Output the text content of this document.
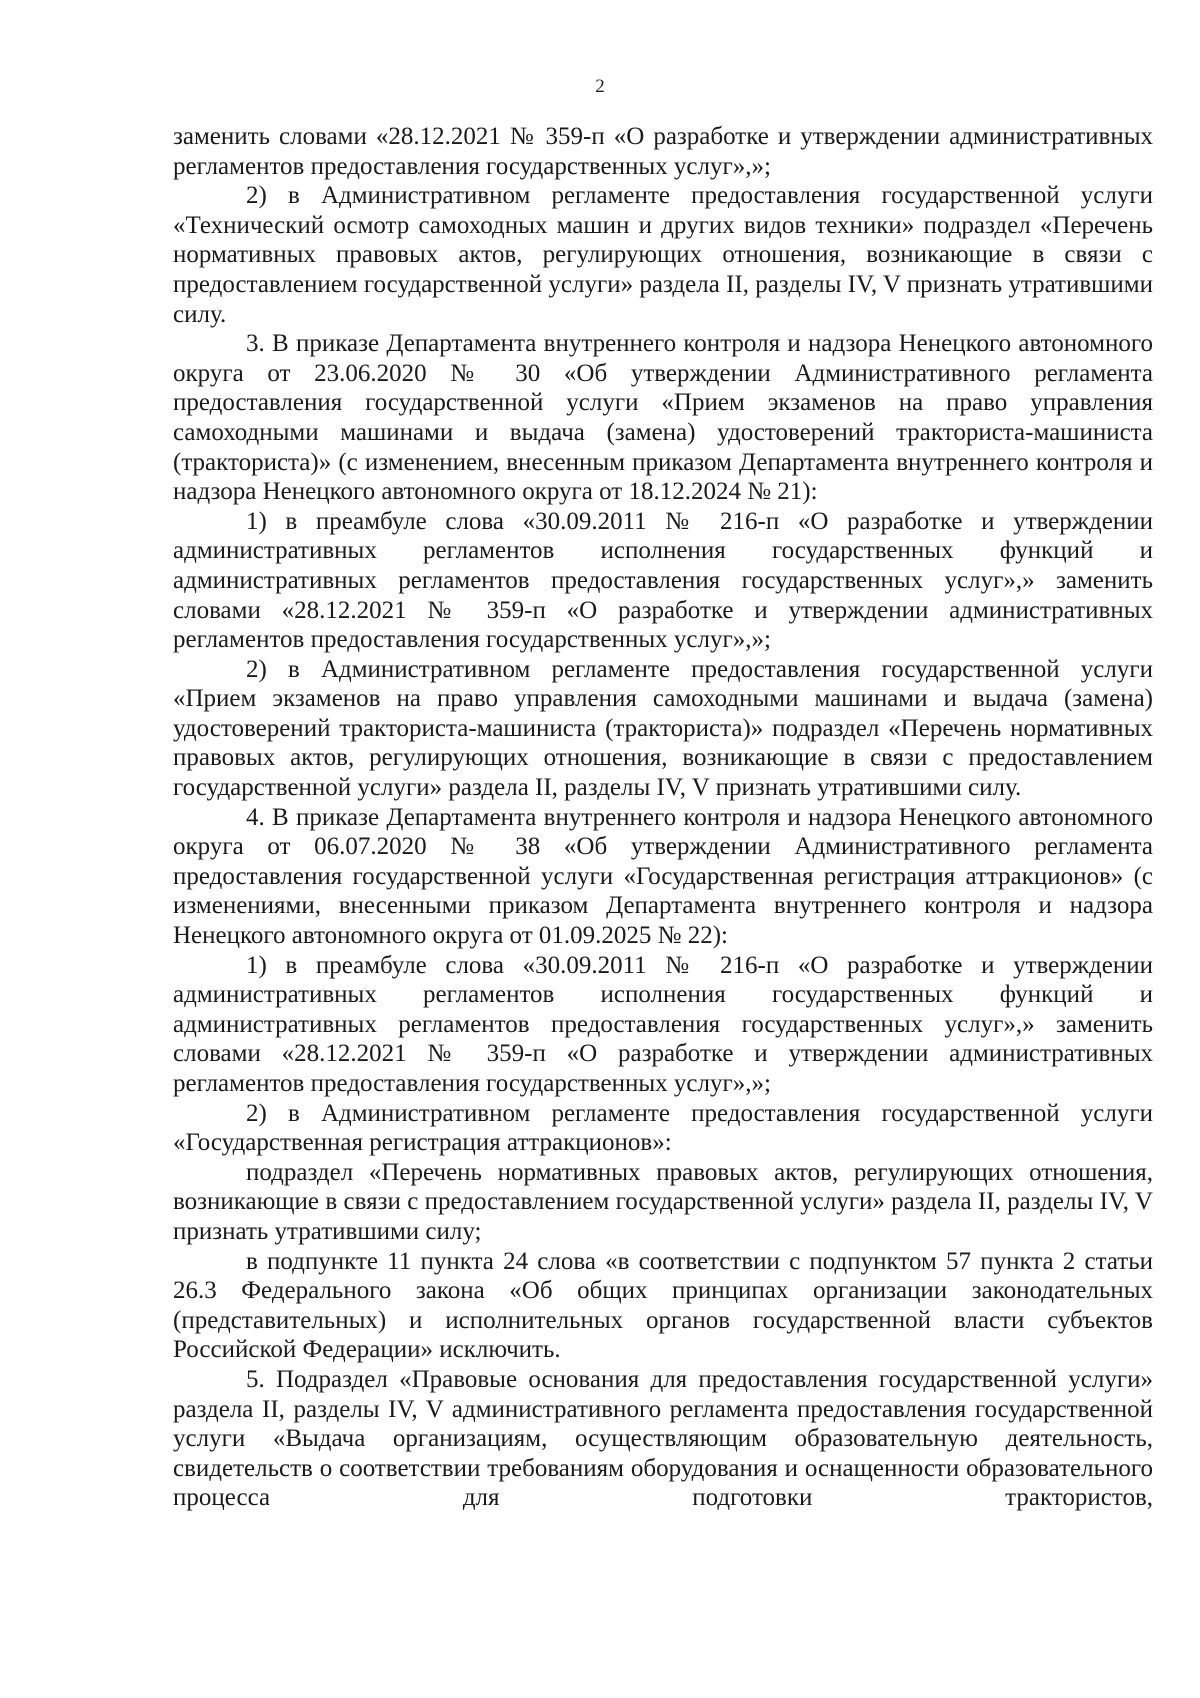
2

заменить словами «28.12.2021 № 359-п «О разработке и утверждении административных регламентов предоставления государственных услуг»,»;

2) в Административном регламенте предоставления государственной услуги «Технический осмотр самоходных машин и других видов техники» подраздел «Перечень нормативных правовых актов, регулирующих отношения, возникающие в связи с предоставлением государственной услуги» раздела II, разделы IV, V признать утратившими силу.

3. В приказе Департамента внутреннего контроля и надзора Ненецкого автономного округа от 23.06.2020 № 30 «Об утверждении Административного регламента предоставления государственной услуги «Прием экзаменов на право управления самоходными машинами и выдача (замена) удостоверений тракториста-машиниста (тракториста)» (с изменением, внесенным приказом Департамента внутреннего контроля и надзора Ненецкого автономного округа от 18.12.2024 № 21):

1) в преамбуле слова «30.09.2011 № 216-п «О разработке и утверждении административных регламентов исполнения государственных функций и административных регламентов предоставления государственных услуг»,» заменить словами «28.12.2021 № 359-п «О разработке и утверждении административных регламентов предоставления государственных услуг»,»;

2) в Административном регламенте предоставления государственной услуги «Прием экзаменов на право управления самоходными машинами и выдача (замена) удостоверений тракториста-машиниста (тракториста)» подраздел «Перечень нормативных правовых актов, регулирующих отношения, возникающие в связи с предоставлением государственной услуги» раздела II, разделы IV, V признать утратившими силу.

4. В приказе Департамента внутреннего контроля и надзора Ненецкого автономного округа от 06.07.2020 № 38 «Об утверждении Административного регламента предоставления государственной услуги «Государственная регистрация аттракционов» (с изменениями, внесенными приказом Департамента внутреннего контроля и надзора Ненецкого автономного округа от 01.09.2025 № 22):

1) в преамбуле слова «30.09.2011 № 216-п «О разработке и утверждении административных регламентов исполнения государственных функций и административных регламентов предоставления государственных услуг»,» заменить словами «28.12.2021 № 359-п «О разработке и утверждении административных регламентов предоставления государственных услуг»,»;

2) в Административном регламенте предоставления государственной услуги «Государственная регистрация аттракционов»:

подраздел «Перечень нормативных правовых актов, регулирующих отношения, возникающие в связи с предоставлением государственной услуги» раздела II, разделы IV, V признать утратившими силу;

в подпункте 11 пункта 24 слова «в соответствии с подпунктом 57 пункта 2 статьи 26.3 Федерального закона «Об общих принципах организации законодательных (представительных) и исполнительных органов государственной власти субъектов Российской Федерации» исключить.

5. Подраздел «Правовые основания для предоставления государственной услуги» раздела II, разделы IV, V административного регламента предоставления государственной услуги «Выдача организациям, осуществляющим образовательную деятельность, свидетельств о соответствии требованиям оборудования и оснащенности образовательного процесса для подготовки трактористов,
